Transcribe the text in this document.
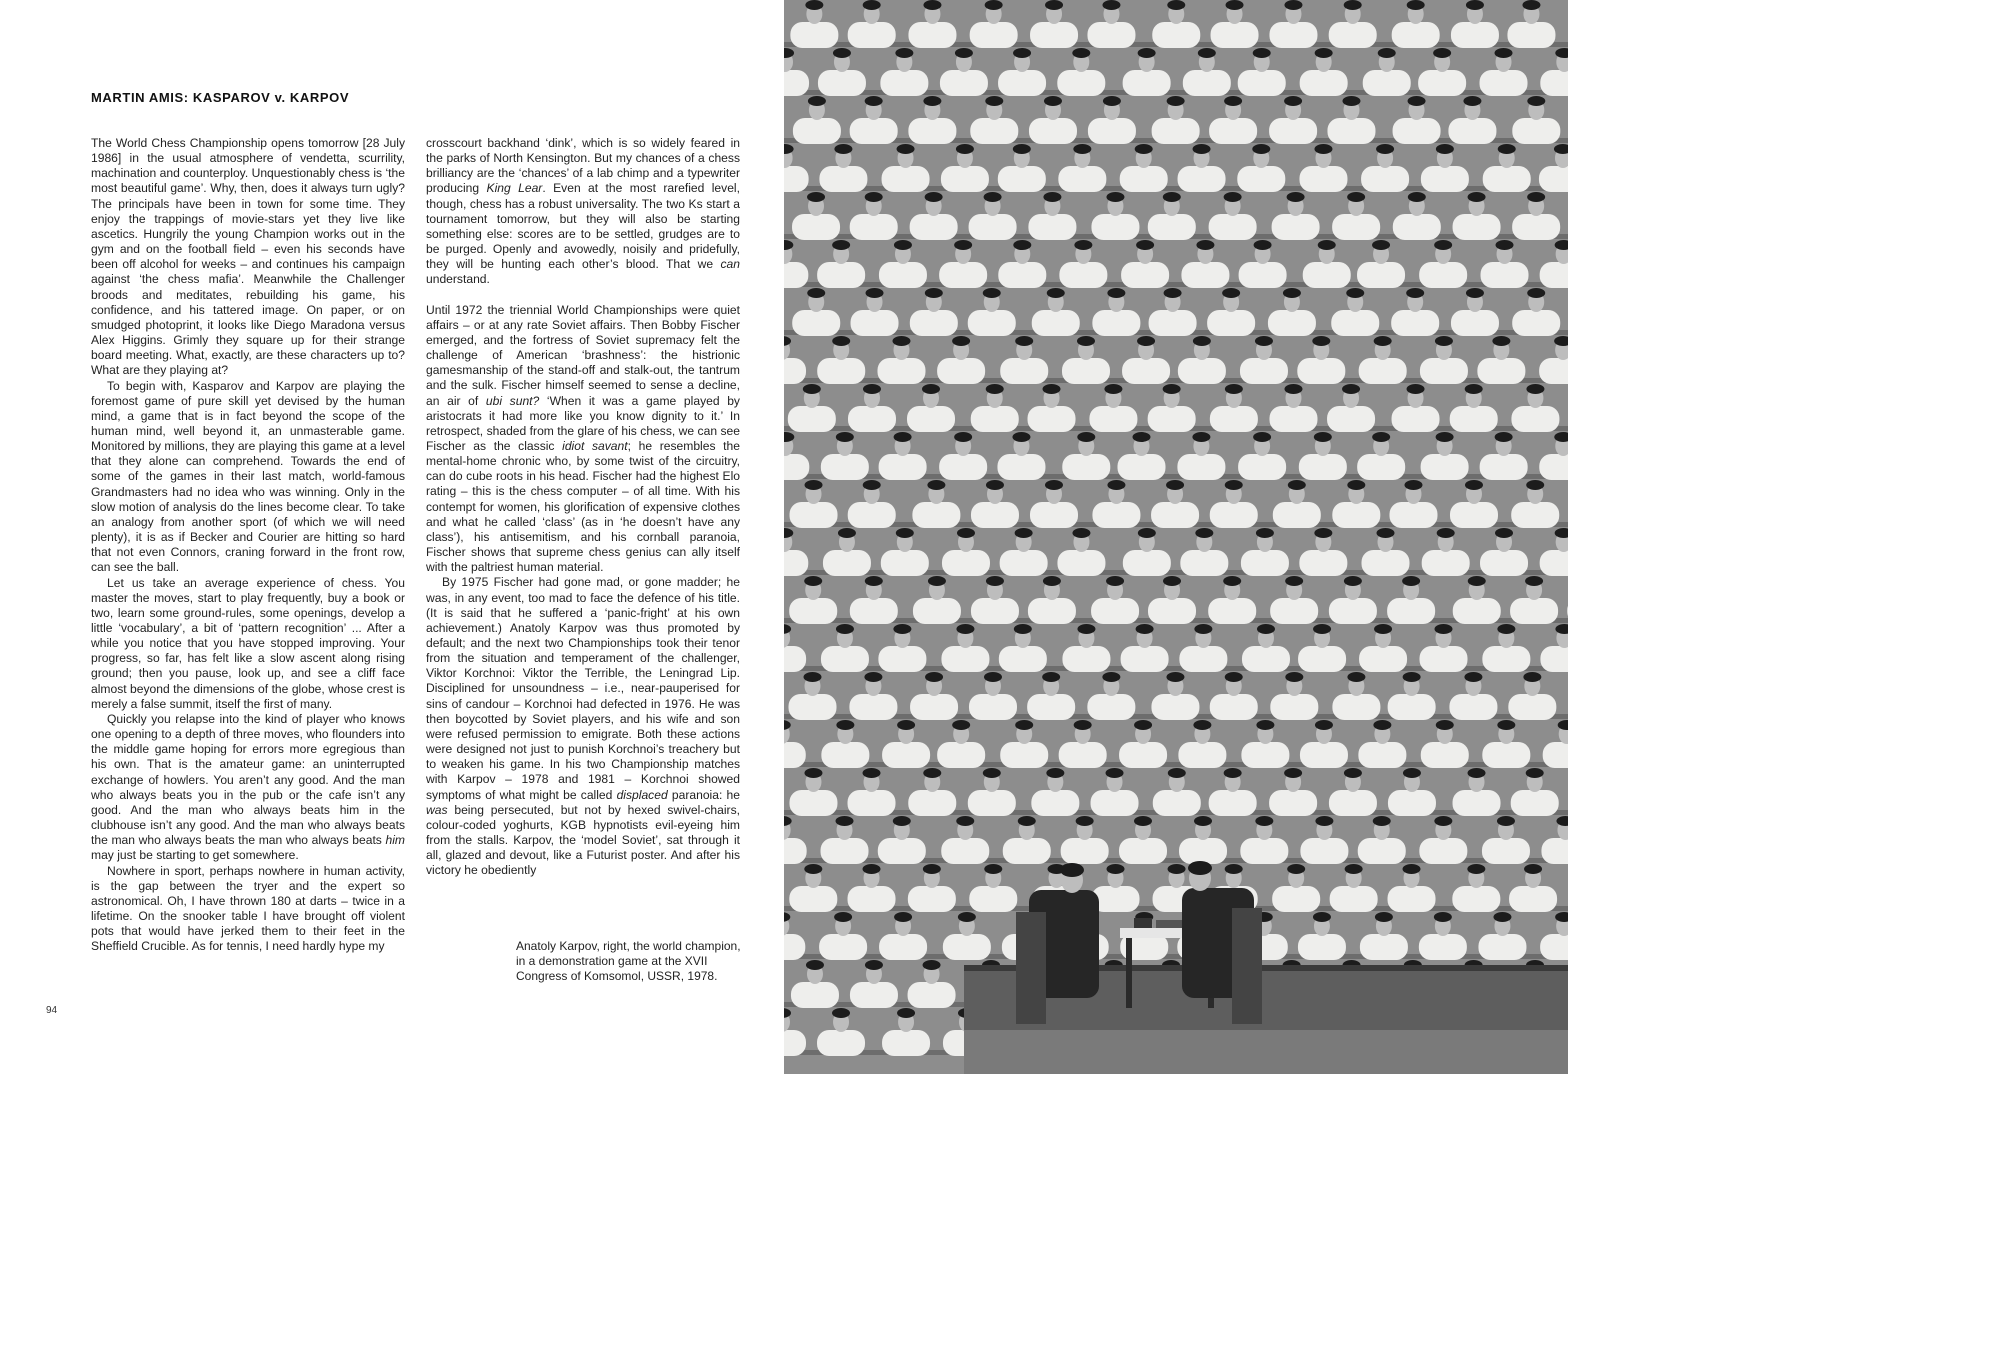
MARTIN AMIS: KASPAROV v. KARPOV

The World Chess Championship opens tomorrow [28 July 1986] in the usual atmosphere of vendetta, scurrility, machination and counterploy. Unquestionably chess is ‘the most beautiful game’. Why, then, does it always turn ugly? The principals have been in town for some time. They enjoy the trappings of movie-stars yet they live like ascetics. Hungrily the young Champion works out in the gym and on the football field – even his seconds have been off alcohol for weeks – and continues his campaign against ‘the chess mafia’. Meanwhile the Challenger broods and meditates, rebuilding his game, his confidence, and his tattered image. On paper, or on smudged photoprint, it looks like Diego Maradona versus Alex Higgins. Grimly they square up for their strange board meeting. What, exactly, are these characters up to? What are they playing at?

To begin with, Kasparov and Karpov are playing the foremost game of pure skill yet devised by the human mind, a game that is in fact beyond the scope of the human mind, well beyond it, an unmasterable game. Monitored by millions, they are playing this game at a level that they alone can comprehend. Towards the end of some of the games in their last match, world-famous Grandmasters had no idea who was winning. Only in the slow motion of analysis do the lines become clear. To take an analogy from another sport (of which we will need plenty), it is as if Becker and Courier are hitting so hard that not even Connors, craning forward in the front row, can see the ball.

Let us take an average experience of chess. You master the moves, start to play frequently, buy a book or two, learn some ground-rules, some openings, develop a little ‘vocabulary’, a bit of ‘pattern recognition’ ... After a while you notice that you have stopped improving. Your progress, so far, has felt like a slow ascent along rising ground; then you pause, look up, and see a cliff face almost beyond the dimensions of the globe, whose crest is merely a false summit, itself the first of many.

Quickly you relapse into the kind of player who knows one opening to a depth of three moves, who flounders into the middle game hoping for errors more egregious than his own. That is the amateur game: an uninterrupted exchange of howlers. You aren’t any good. And the man who always beats you in the pub or the cafe isn’t any good. And the man who always beats him in the clubhouse isn’t any good. And the man who always beats the man who always beats the man who always beats him may just be starting to get somewhere.

Nowhere in sport, perhaps nowhere in human activity, is the gap between the tryer and the expert so astronomical. Oh, I have thrown 180 at darts – twice in a lifetime. On the snooker table I have brought off violent pots that would have jerked them to their feet in the Sheffield Crucible. As for tennis, I need hardly hype my

crosscourt backhand ‘dink’, which is so widely feared in the parks of North Kensington. But my chances of a chess brilliancy are the ‘chances’ of a lab chimp and a typewriter producing King Lear. Even at the most rarefied level, though, chess has a robust universality. The two Ks start a tournament tomorrow, but they will also be starting something else: scores are to be settled, grudges are to be purged. Openly and avowedly, noisily and pridefully, they will be hunting each other’s blood. That we can understand.

Until 1972 the triennial World Championships were quiet affairs – or at any rate Soviet affairs. Then Bobby Fischer emerged, and the fortress of Soviet supremacy felt the challenge of American ‘brashness’: the histrionic gamesmanship of the stand-off and stalk-out, the tantrum and the sulk. Fischer himself seemed to sense a decline, an air of ubi sunt? ‘When it was a game played by aristocrats it had more like you know dignity to it.’ In retrospect, shaded from the glare of his chess, we can see Fischer as the classic idiot savant; he resembles the mental-home chronic who, by some twist of the circuitry, can do cube roots in his head. Fischer had the highest Elo rating – this is the chess computer – of all time. With his contempt for women, his glorification of expensive clothes and what he called ‘class’ (as in ‘he doesn’t have any class’), his antisemitism, and his cornball paranoia, Fischer shows that supreme chess genius can ally itself with the paltriest human material.

By 1975 Fischer had gone mad, or gone madder; he was, in any event, too mad to face the defence of his title. (It is said that he suffered a ‘panic-fright’ at his own achievement.) Anatoly Karpov was thus promoted by default; and the next two Championships took their tenor from the situation and temperament of the challenger, Viktor Korchnoi: Viktor the Terrible, the Leningrad Lip. Disciplined for unsoundness – i.e., near-pauperised for sins of candour – Korchnoi had defected in 1976. He was then boycotted by Soviet players, and his wife and son were refused permission to emigrate. Both these actions were designed not just to punish Korchnoi’s treachery but to weaken his game. In his two Championship matches with Karpov – 1978 and 1981 – Korchnoi showed symptoms of what might be called displaced paranoia: he was being persecuted, but not by hexed swivel-chairs, colour-coded yoghurts, KGB hypnotists evil-eyeing him from the stalls. Karpov, the ‘model Soviet’, sat through it all, glazed and devout, like a Futurist poster. And after his victory he obediently

Anatoly Karpov, right, the world champion,

in a demonstration game at the XVII

Congress of Komsomol, USSR, 1978.

94
